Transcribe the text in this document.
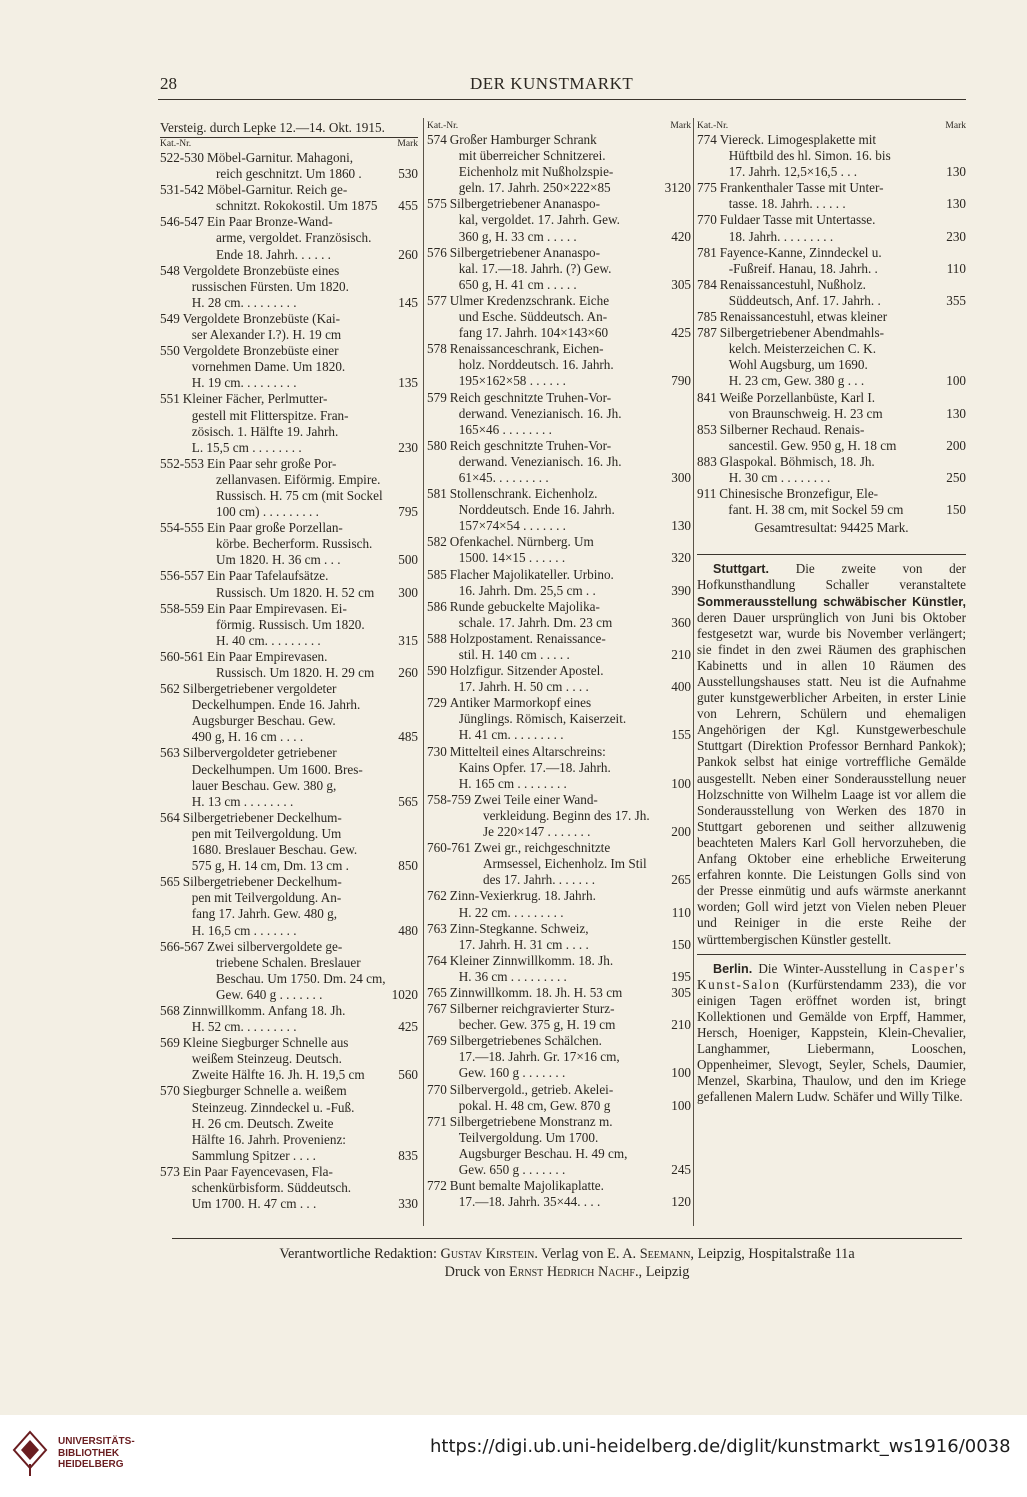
28	DER KUNSTMARKT
Versteig. durch Lepke 12.—14. Okt. 1915.
Kat.-Nr.	Mark
522-530 Möbel-Garnitur. Mahagoni,
reich geschnitzt. Um 1860 .	530
531-542 Möbel-Garnitur. Reich ge-
schnitzt. Rokokostil. Um 1875	455
546-547 Ein Paar Bronze-Wand-
arme, vergoldet. Französisch.
Ende 18. Jahrh. . . . . .	260
548 Vergoldete Bronzebüste eines
russischen Fürsten. Um 1820.
H. 28 cm. . . . . . . . .	145
549 Vergoldete Bronzebüste (Kai-
ser Alexander I.?). H. 19 cm
550 Vergoldete Bronzebüste einer
vornehmen Dame. Um 1820.
H. 19 cm. . . . . . . . .	135
551 Kleiner Fächer, Perlmutter-
gestell mit Flitterspitze. Fran-
zösisch. 1. Hälfte 19. Jahrh.
L. 15,5 cm . . . . . . . .	230
552-553 Ein Paar sehr große Por-
zellanvasen. Eiförmig. Empire.
Russisch. H. 75 cm (mit Sockel
100 cm) . . . . . . . . .	795
554-555 Ein Paar große Porzellan-
körbe. Becherform. Russisch.
Um 1820. H. 36 cm . . .	500
556-557 Ein Paar Tafelaufsätze.
Russisch. Um 1820. H. 52 cm	300
558-559 Ein Paar Empirevasen. Ei-
förmig. Russisch. Um 1820.
H. 40 cm. . . . . . . . .	315
560-561 Ein Paar Empirevasen.
Russisch. Um 1820. H. 29 cm	260
562 Silbergetriebener vergoldeter
Deckelhumpen. Ende 16. Jahrh.
Augsburger Beschau. Gew.
490 g, H. 16 cm . . . .	485
563 Silbervergoldeter getriebener
Deckelhumpen. Um 1600. Bres-
lauer Beschau. Gew. 380 g,
H. 13 cm . . . . . . . .	565
564 Silbergetriebener Deckelhum-
pen mit Teilvergoldung. Um
1680. Breslauer Beschau. Gew.
575 g, H. 14 cm, Dm. 13 cm .	850
565 Silbergetriebener Deckelhum-
pen mit Teilvergoldung. An-
fang 17. Jahrh. Gew. 480 g,
H. 16,5 cm . . . . . . .	480
566-567 Zwei silbervergoldete ge-
triebene Schalen. Breslauer
Beschau. Um 1750. Dm. 24 cm,
Gew. 640 g . . . . . . .	1020
568 Zinnwillkomm. Anfang 18. Jh.
H. 52 cm. . . . . . . . .	425
569 Kleine Siegburger Schnelle aus
weißem Steinzeug. Deutsch.
Zweite Hälfte 16. Jh. H. 19,5 cm	560
570 Siegburger Schnelle a. weißem
Steinzeug. Zinndeckel u. -Fuß.
H. 26 cm. Deutsch. Zweite
Hälfte 16. Jahrh. Provenienz:
Sammlung Spitzer . . . .	835
573 Ein Paar Fayencevasen, Fla-
schenkürbisform. Süddeutsch.
Um 1700. H. 47 cm . . .	330
Kat.-Nr.	Mark
574 Großer Hamburger Schrank
mit überreicher Schnitzerei.
Eichenholz mit Nußholzspie-
geln. 17. Jahrh. 250×222×85	3120
575 Silbergetriebener Ananaspo-
kal, vergoldet. 17. Jahrh. Gew.
360 g, H. 33 cm . . . . .	420
576 Silbergetriebener Ananaspo-
kal. 17.—18. Jahrh. (?) Gew.
650 g, H. 41 cm . . . . .	305
577 Ulmer Kredenzschrank. Eiche
und Esche. Süddeutsch. An-
fang 17. Jahrh. 104×143×60	425
578 Renaissanceschrank, Eichen-
holz. Norddeutsch. 16. Jahrh.
195×162×58 . . . . . .	790
579 Reich geschnitzte Truhen-Vor-
derwand. Venezianisch. 16. Jh.
165×46 . . . . . . . .
580 Reich geschnitzte Truhen-Vor-
derwand. Venezianisch. 16. Jh.
61×45. . . . . . . . .	300
581 Stollenschrank. Eichenholz.
Norddeutsch. Ende 16. Jahrh.
157×74×54 . . . . . . .	130
582 Ofenkachel. Nürnberg. Um
1500. 14×15 . . . . . .	320
585 Flacher Majolikateller. Urbino.
16. Jahrh. Dm. 25,5 cm . .	390
586 Runde gebuckelte Majolika-
schale. 17. Jahrh. Dm. 23 cm	360
588 Holzpostament. Renaissance-
stil. H. 140 cm . . . . .	210
590 Holzfigur. Sitzender Apostel.
17. Jahrh. H. 50 cm . . . .	400
729 Antiker Marmorkopf eines
Jünglings. Römisch, Kaiserzeit.
H. 41 cm. . . . . . . . .	155
730 Mittelteil eines Altarschreins:
Kains Opfer. 17.—18. Jahrh.
H. 165 cm . . . . . . . .	100
758-759 Zwei Teile einer Wand-
verkleidung. Beginn des 17. Jh.
Je 220×147 . . . . . . .	200
760-761 Zwei gr., reichgeschnitzte
Armsessel, Eichenholz. Im Stil
des 17. Jahrh. . . . . . .	265
762 Zinn-Vexierkrug. 18. Jahrh.
H. 22 cm. . . . . . . . .	110
763 Zinn-Stegkanne. Schweiz,
17. Jahrh. H. 31 cm . . . .	150
764 Kleiner Zinnwillkomm. 18. Jh.
H. 36 cm . . . . . . . . .	195
765 Zinnwillkomm. 18. Jh. H. 53 cm	305
767 Silberner reichgravierter Sturz-
becher. Gew. 375 g, H. 19 cm	210
769 Silbergetriebenes Schälchen.
17.—18. Jahrh. Gr. 17×16 cm,
Gew. 160 g . . . . . . .	100
770 Silbervergold., getrieb. Akelei-
pokal. H. 48 cm, Gew. 870 g	100
771 Silbergetriebene Monstranz m.
Teilvergoldung. Um 1700.
Augsburger Beschau. H. 49 cm,
Gew. 650 g . . . . . . .	245
772 Bunt bemalte Majolikaplatte.
17.—18. Jahrh. 35×44. . . .	120
Kat.-Nr.	Mark
774 Viereck. Limogesplakette mit
Hüftbild des hl. Simon. 16. bis
17. Jahrh. 12,5×16,5 . . .	130
775 Frankenthaler Tasse mit Unter-
tasse. 18. Jahrh. . . . . .	130
770 Fuldaer Tasse mit Untertasse.
18. Jahrh. . . . . . . . .	230
781 Fayence-Kanne, Zinndeckel u.
-Fußreif. Hanau, 18. Jahrh. .	110
784 Renaissancestuhl, Nußholz.
Süddeutsch, Anf. 17. Jahrh. .	355
785 Renaissancestuhl, etwas kleiner
787 Silbergetriebener Abendmahls-
kelch. Meisterzeichen C. K.
Wohl Augsburg, um 1690.
H. 23 cm, Gew. 380 g . . .	100
841 Weiße Porzellanbüste, Karl I.
von Braunschweig. H. 23 cm	130
853 Silberner Rechaud. Renais-
sancestil. Gew. 950 g, H. 18 cm	200
883 Glaspokal. Böhmisch, 18. Jh.
H. 30 cm . . . . . . . .	250
911 Chinesische Bronzefigur, Ele-
fant. H. 38 cm, mit Sockel 59 cm	150
Gesamtresultat: 94425 Mark.

Stuttgart. Die zweite von der Hofkunsthandlung Schaller veranstaltete Sommerausstellung schwäbischer Künstler, deren Dauer ursprünglich von Juni bis Oktober festgesetzt war, wurde bis November verlängert; sie findet in den zwei Räumen des graphischen Kabinetts und in allen 10 Räumen des Ausstellungshauses statt. Neu ist die Aufnahme guter kunstgewerblicher Arbeiten, in erster Linie von Lehrern, Schülern und ehemaligen Angehörigen der Kgl. Kunstgewerbeschule Stuttgart (Direktion Professor Bernhard Pankok); Pankok selbst hat einige vortreffliche Gemälde ausgestellt. Neben einer Sonderausstellung neuer Holzschnitte von Wilhelm Laage ist vor allem die Sonderausstellung von Werken des 1870 in Stuttgart geborenen und seither allzuwenig beachteten Malers Karl Goll hervorzuheben, die Anfang Oktober eine erhebliche Erweiterung erfahren konnte. Die Leistungen Golls sind von der Presse einmütig und aufs wärmste anerkannt worden; Goll wird jetzt von Vielen neben Pleuer und Reiniger in die erste Reihe der württembergischen Künstler gestellt.

Berlin. Die Winter-Ausstellung in Casper's Kunst-Salon (Kurfürstendamm 233), die vor einigen Tagen eröffnet worden ist, bringt Kollektionen und Gemälde von Erpff, Hammer, Hersch, Hoeniger, Kappstein, Klein-Chevalier, Langhammer, Liebermann, Looschen, Oppenheimer, Slevogt, Seyler, Schels, Daumier, Menzel, Skarbina, Thaulow, und den im Kriege gefallenen Malern Ludw. Schäfer und Willy Tilke.

Verantwortliche Redaktion: Gustav Kirstein. Verlag von E. A. Seemann, Leipzig, Hospitalstraße 11a
Druck von Ernst Hedrich Nachf., Leipzig
UNIVERSITÄTS-
BIBLIOTHEK
HEIDELBERG
https://digi.ub.uni-heidelberg.de/diglit/kunstmarkt_ws1916/0038
